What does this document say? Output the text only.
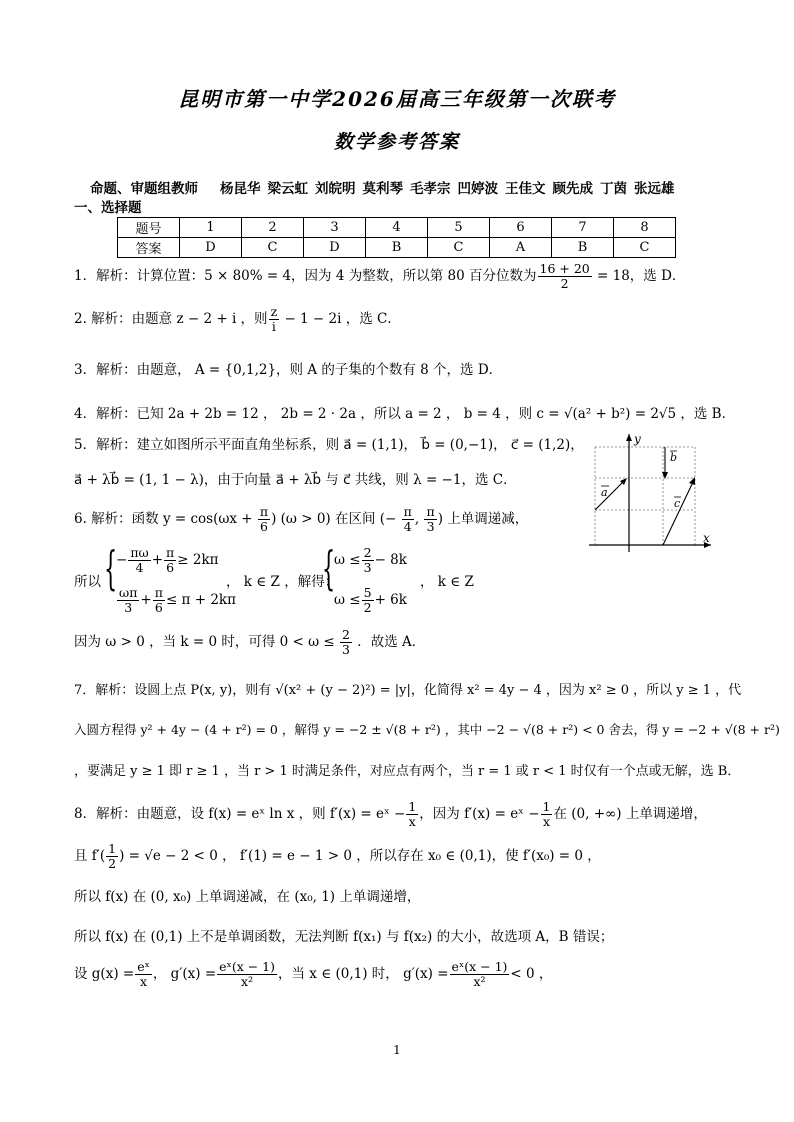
昆明市第一中学2026届高三年级第一次联考
数学参考答案
命题、审题组教师 杨昆华 梁云虹 刘皖明 莫利琴 毛孝宗 凹婷波 王佳文 顾先成 丁茵 张远雄
一、选择题
题号	1	2	3	4	5	6	7	8
答案	D	C	D	B	C	A	B	C
1．解析：计算位置：5 × 80% = 4，因为 4 为整数，所以第 80 百分位数为 $\frac{16 + 20}{2} = 18$，选 D．
2. 解析：由题意 z − 2 + i ，则 $\frac{z}{i} - 1 - 2i$ ，选 C．
3．解析：由题意， A = {0,1,2}，则 A 的子集的个数有 8 个，选 D．
4．解析：已知 2a + 2b = 12 ， 2b = 2 · 2a ，所以 a = 2 ， b = 4 ，则 c = √(a² + b²) = 2√5 ，选 B．
5．解析：建立如图所示平面直角坐标系，则 a⃗ = (1,1)， b⃗ = (0,−1)， c⃗ = (1,2)，
a⃗ + λb⃗ = (1, 1 − λ)，由于向量 a⃗ + λb⃗ 与 c⃗ 共线，则 λ = −1，选 C．
y
x
a
b
c
6. 解析：函数 $y = \cos(\omega x + \frac{\pi}{6}$ ) (ω > 0) 在区间 (− $\frac{\pi}{4}$ , $\frac{\pi}{3}$ ) 上单调递减，
所以 {
− $\frac{\pi\omega}{4} + \frac{\pi}{6} \ge 2k\pi$
$\frac{\omega\pi}{3} + \frac{\pi}{6} \le \pi + 2k\pi$
， k ∈ Z ，解得：
{
$\omega \le \frac{2}{3} - 8k$
$\omega \le \frac{5}{2} + 6k$
， k ∈ Z
因为 ω > 0 ，当 k = 0 时，可得 $0 < \omega \le \frac{2}{3}$ ．故选 A．
7．解析：设圆上点 P(x, y)，则有 √(x² + (y − 2)²) = |y|，化简得 x² = 4y − 4 ，因为 x² ≥ 0 ，所以 y ≥ 1 ，代
入圆方程得 y² + 4y − (4 + r²) = 0 ，解得 y = −2 ± √(8 + r²) ，其中 −2 − √(8 + r²) < 0 舍去，得 y = −2 + √(8 + r²)
，要满足 y ≥ 1 即 r ≥ 1 ，当 r > 1 时满足条件，对应点有两个，当 r = 1 或 r < 1 时仅有一个点或无解，选 B．
8．解析：由题意，设 f(x) = eˣ ln x ，则 f′(x) = eˣ − $\frac{1}{x}$ ，因为 f′(x) = eˣ − $\frac{1}{x}$ 在 (0, +∞) 上单调递增，
且 $f'( \frac{1}{2}$ ) = √e − 2 < 0 ， f′(1) = e − 1 > 0 ，所以存在 x₀ ∈ (0,1)，使 f′(x₀) = 0 ，
所以 f(x) 在 (0, x₀) 上单调递减，在 (x₀, 1) 上单调递增，
所以 f(x) 在 (0,1) 上不是单调函数，无法判断 f(x₁) 与 f(x₂) 的大小，故选项 A，B 错误；
设 $g(x) = \frac{\text{eˣ}}{x}$ ， $g'(x) = \frac{\text{eˣ(x − 1)}}{\text{x²}}$ ，当 x ∈ (0,1) 时， $g'(x) = \frac{\text{eˣ(x − 1)}}{\text{x²}} < 0$ ，
1
